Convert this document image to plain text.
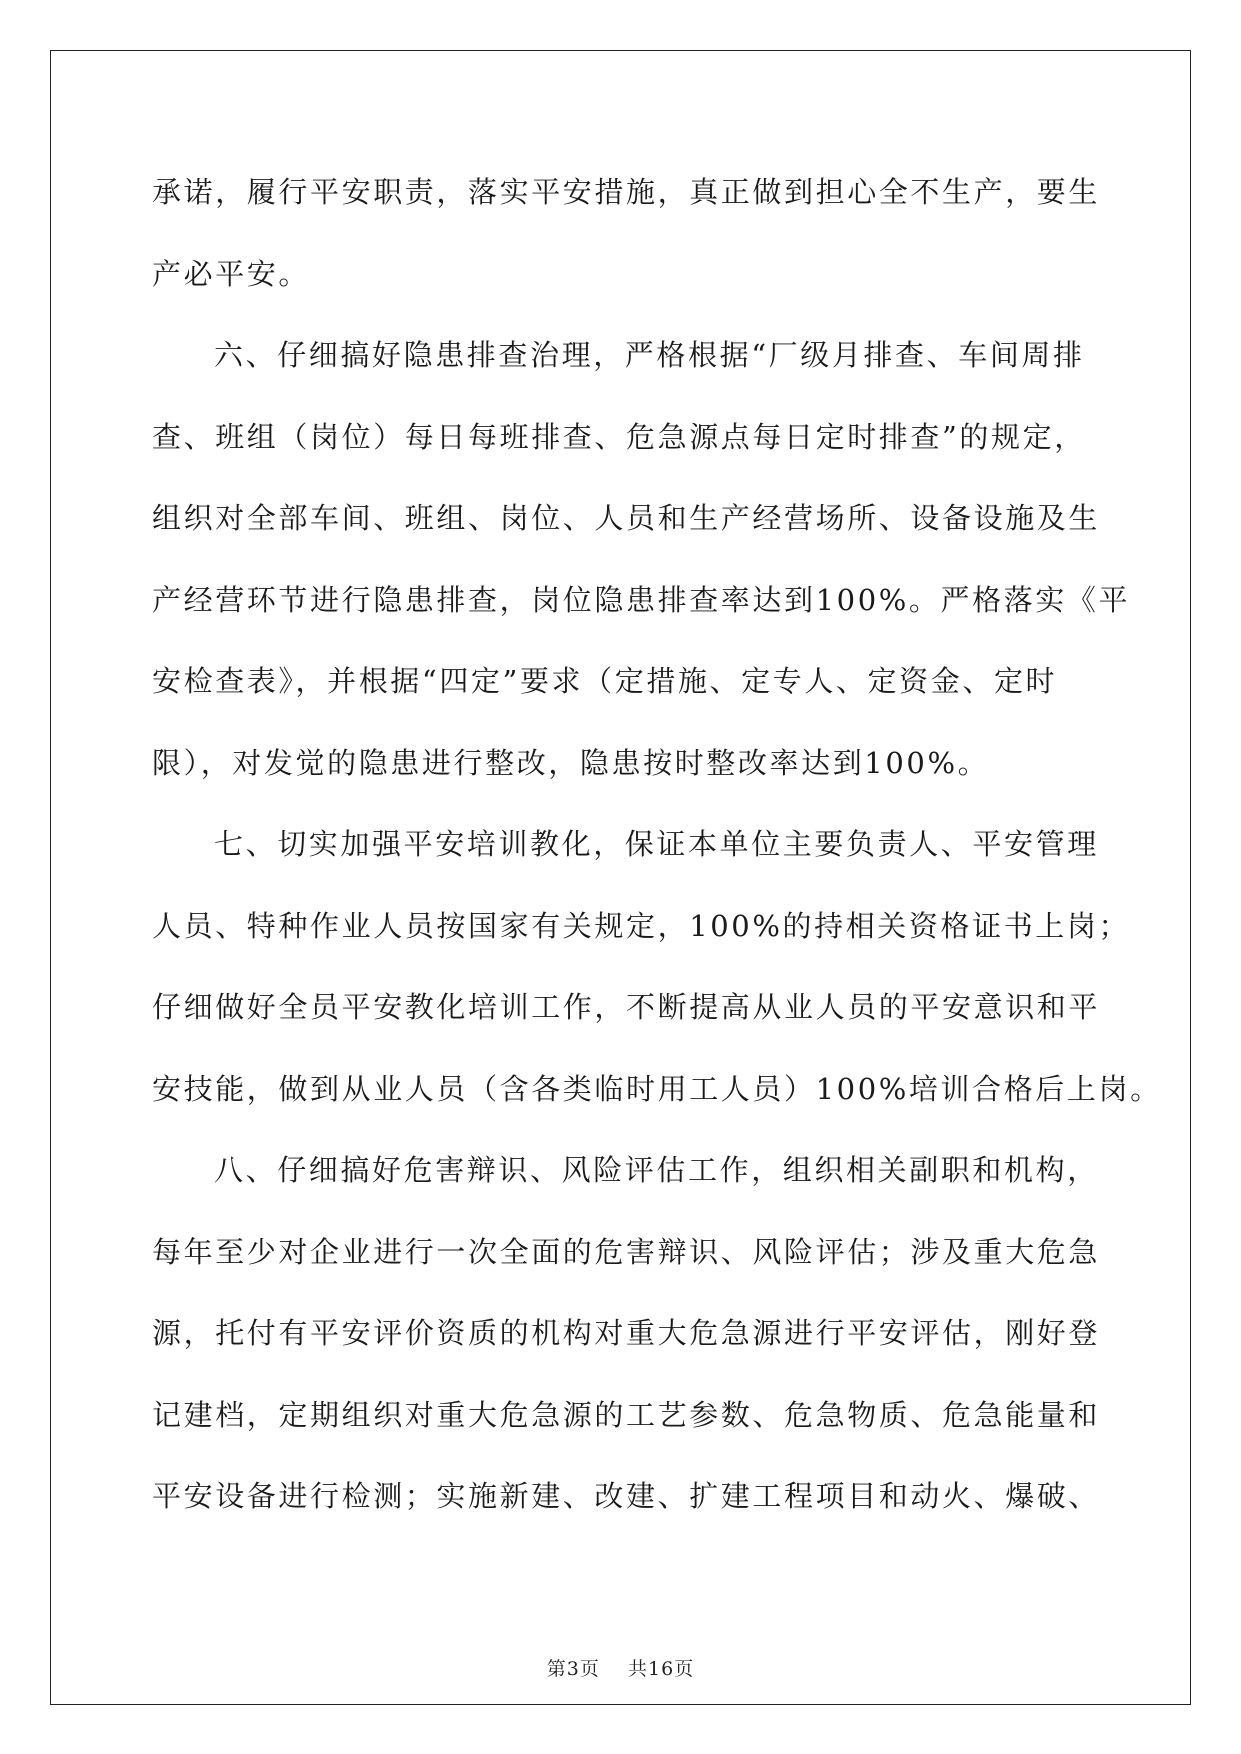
承诺，履行平安职责，落实平安措施，真正做到担心全不生产，要生
产必平安。
六、仔细搞好隐患排查治理，严格根据“厂级月排查、车间周排
查、班组（岗位）每日每班排查、危急源点每日定时排查”的规定，
组织对全部车间、班组、岗位、人员和生产经营场所、设备设施及生
产经营环节进行隐患排查，岗位隐患排查率达到100%。严格落实《平
安检查表》，并根据“四定”要求（定措施、定专人、定资金、定时
限），对发觉的隐患进行整改，隐患按时整改率达到100%。
七、切实加强平安培训教化，保证本单位主要负责人、平安管理
人员、特种作业人员按国家有关规定，100%的持相关资格证书上岗；
仔细做好全员平安教化培训工作，不断提高从业人员的平安意识和平
安技能，做到从业人员（含各类临时用工人员）100%培训合格后上岗。
八、仔细搞好危害辩识、风险评估工作，组织相关副职和机构，
每年至少对企业进行一次全面的危害辩识、风险评估；涉及重大危急
源，托付有平安评价资质的机构对重大危急源进行平安评估，刚好登
记建档，定期组织对重大危急源的工艺参数、危急物质、危急能量和
平安设备进行检测；实施新建、改建、扩建工程项目和动火、爆破、
第3页 共16页
